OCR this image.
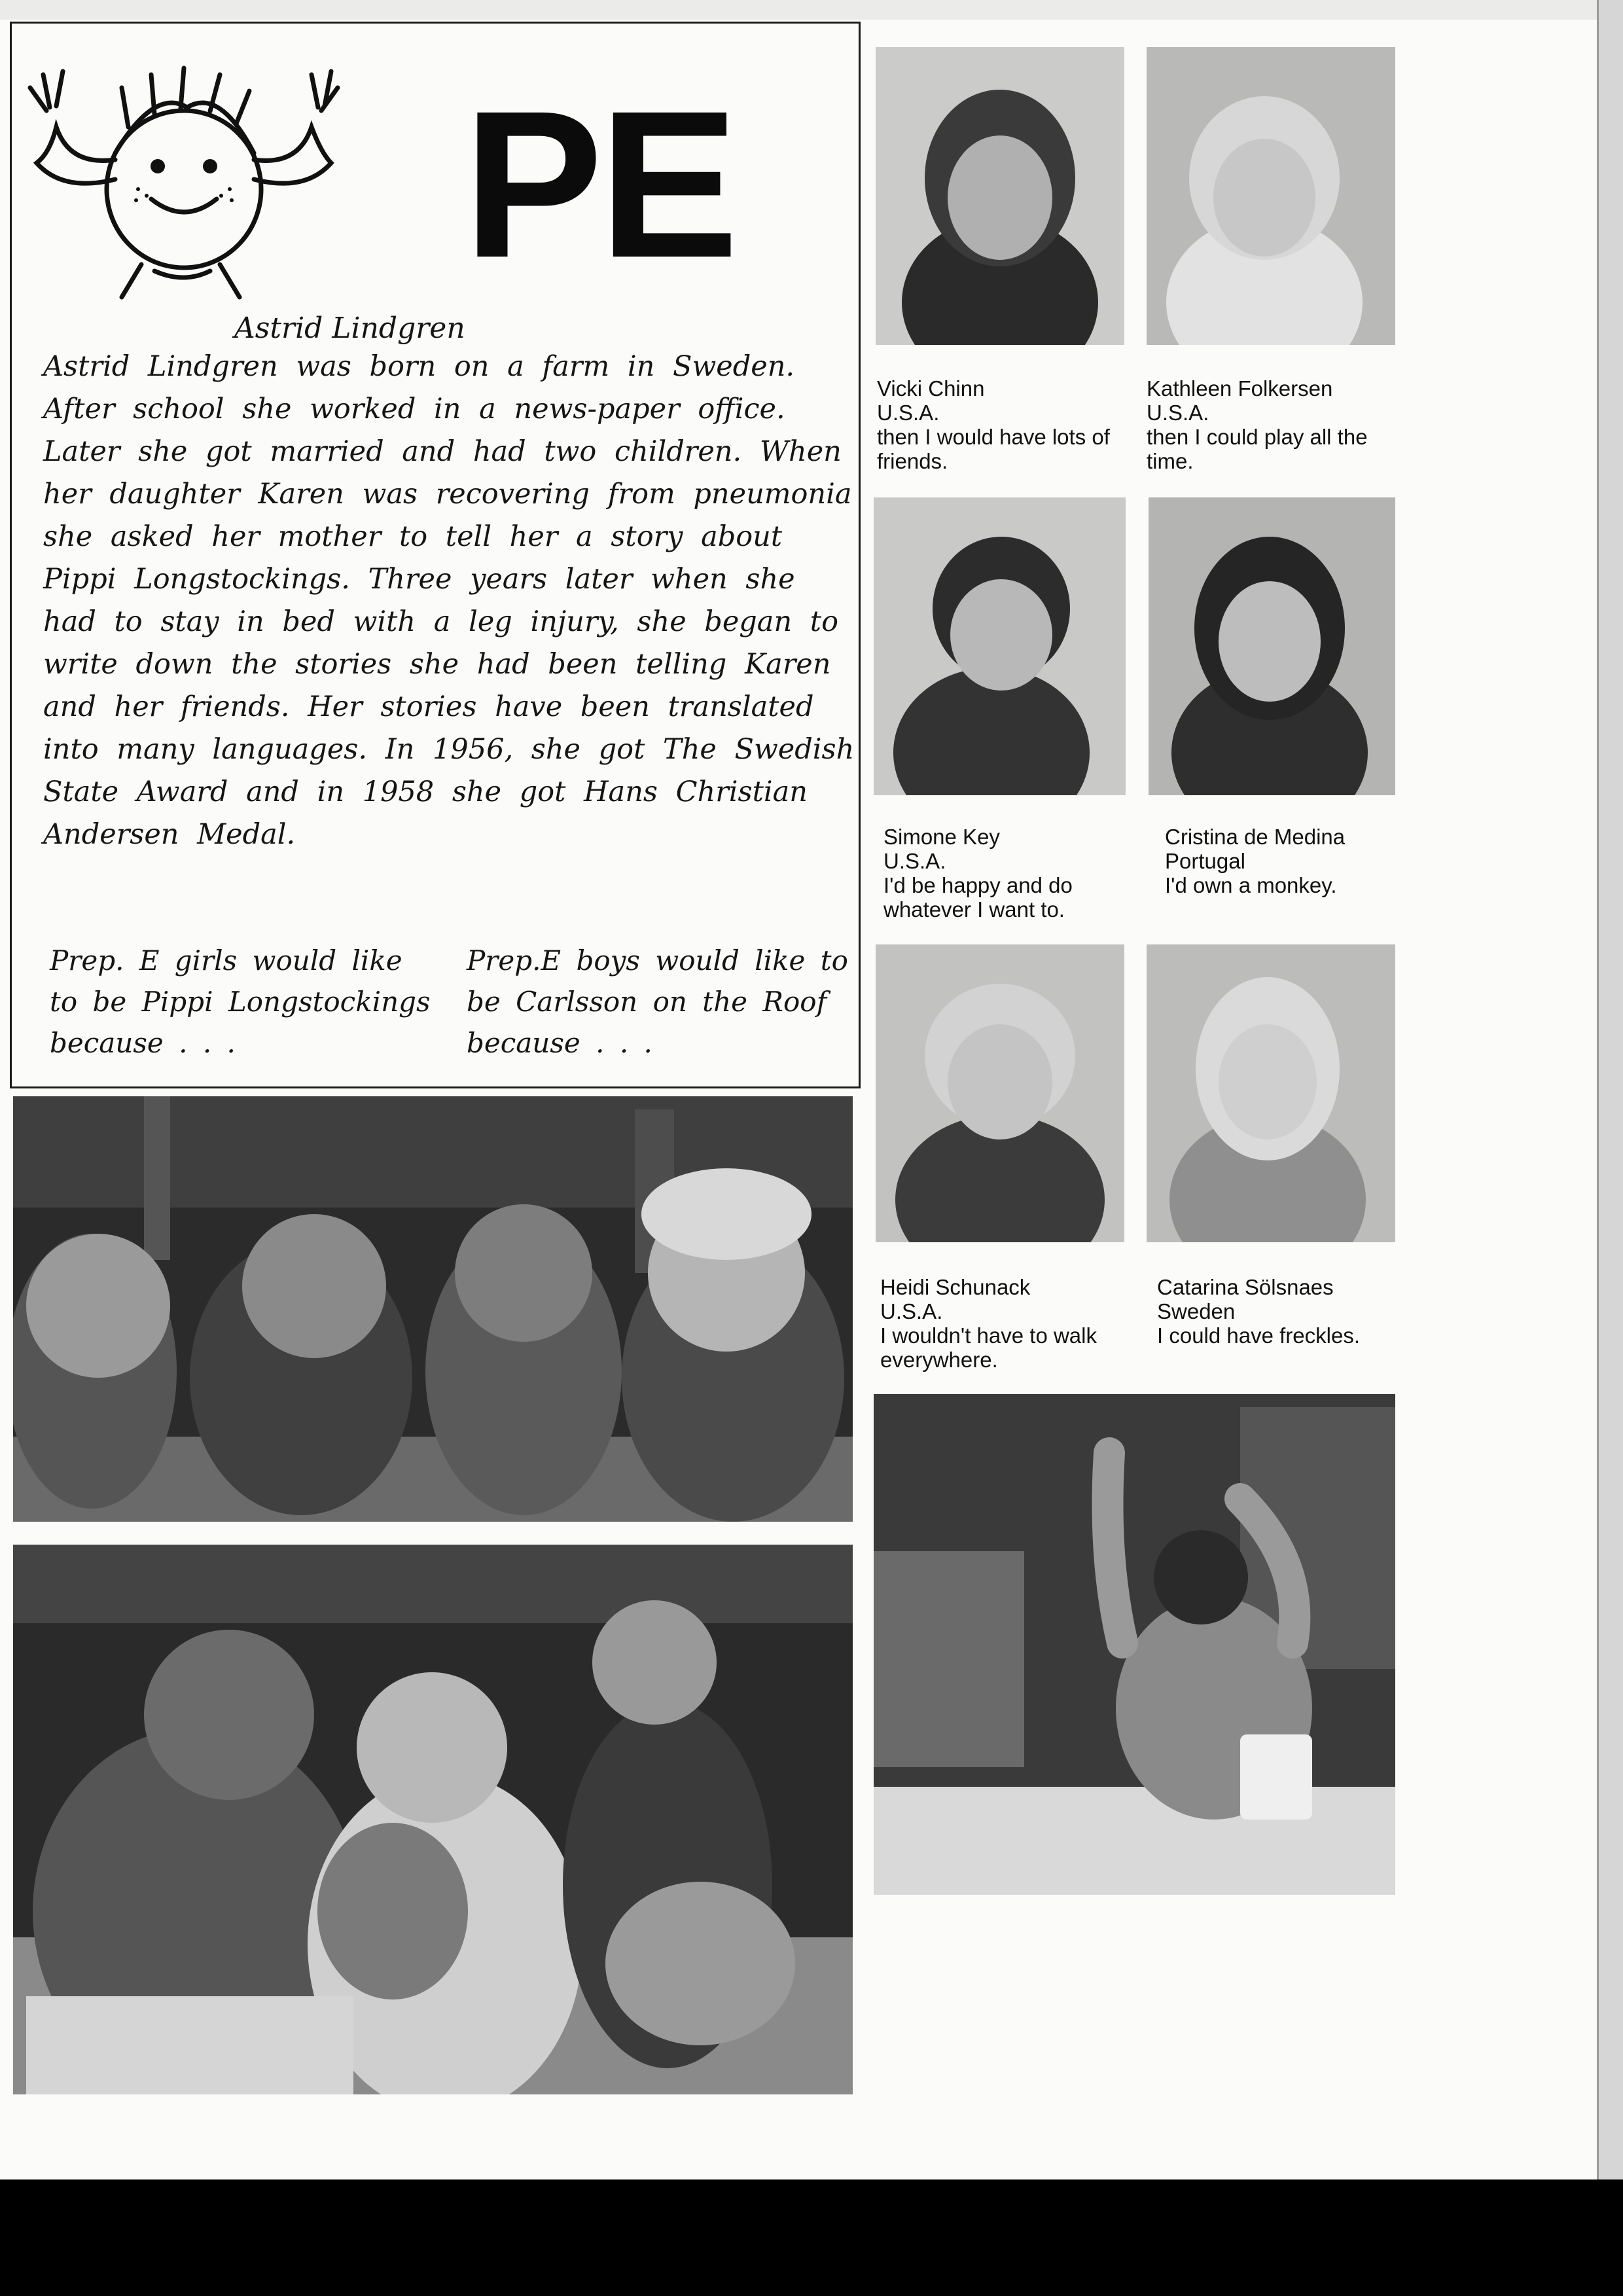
PE
Astrid Lindgren

Astrid Lindgren was born on a farm in Sweden. After school she worked in a news-paper office. Later she got married and had two children. When her daughter Karen was recovering from pneumonia she asked her mother to tell her a story about Pippi Longstockings. Three years later when she had to stay in bed with a leg injury, she began to write down the stories she had been telling Karen and her friends. Her stories have been translated into many languages. In 1956, she got The Swedish State Award and in 1958 she got Hans Christian Andersen Medal.

Prep. E girls would like to be Pippi Longstockings because . . .

Prep.E boys would like to be Carlsson on the Roof because . . .

Vicki Chinn
U.S.A.
then I would have lots of friends.
Kathleen Folkersen
U.S.A.
then I could play all the time.
Simone Key
U.S.A.
I'd be happy and do whatever I want to.
Cristina de Medina
Portugal
I'd own a monkey.
Heidi Schunack
U.S.A.
I wouldn't have to walk everywhere.
Catarina Sölsnaes
Sweden
I could have freckles.
